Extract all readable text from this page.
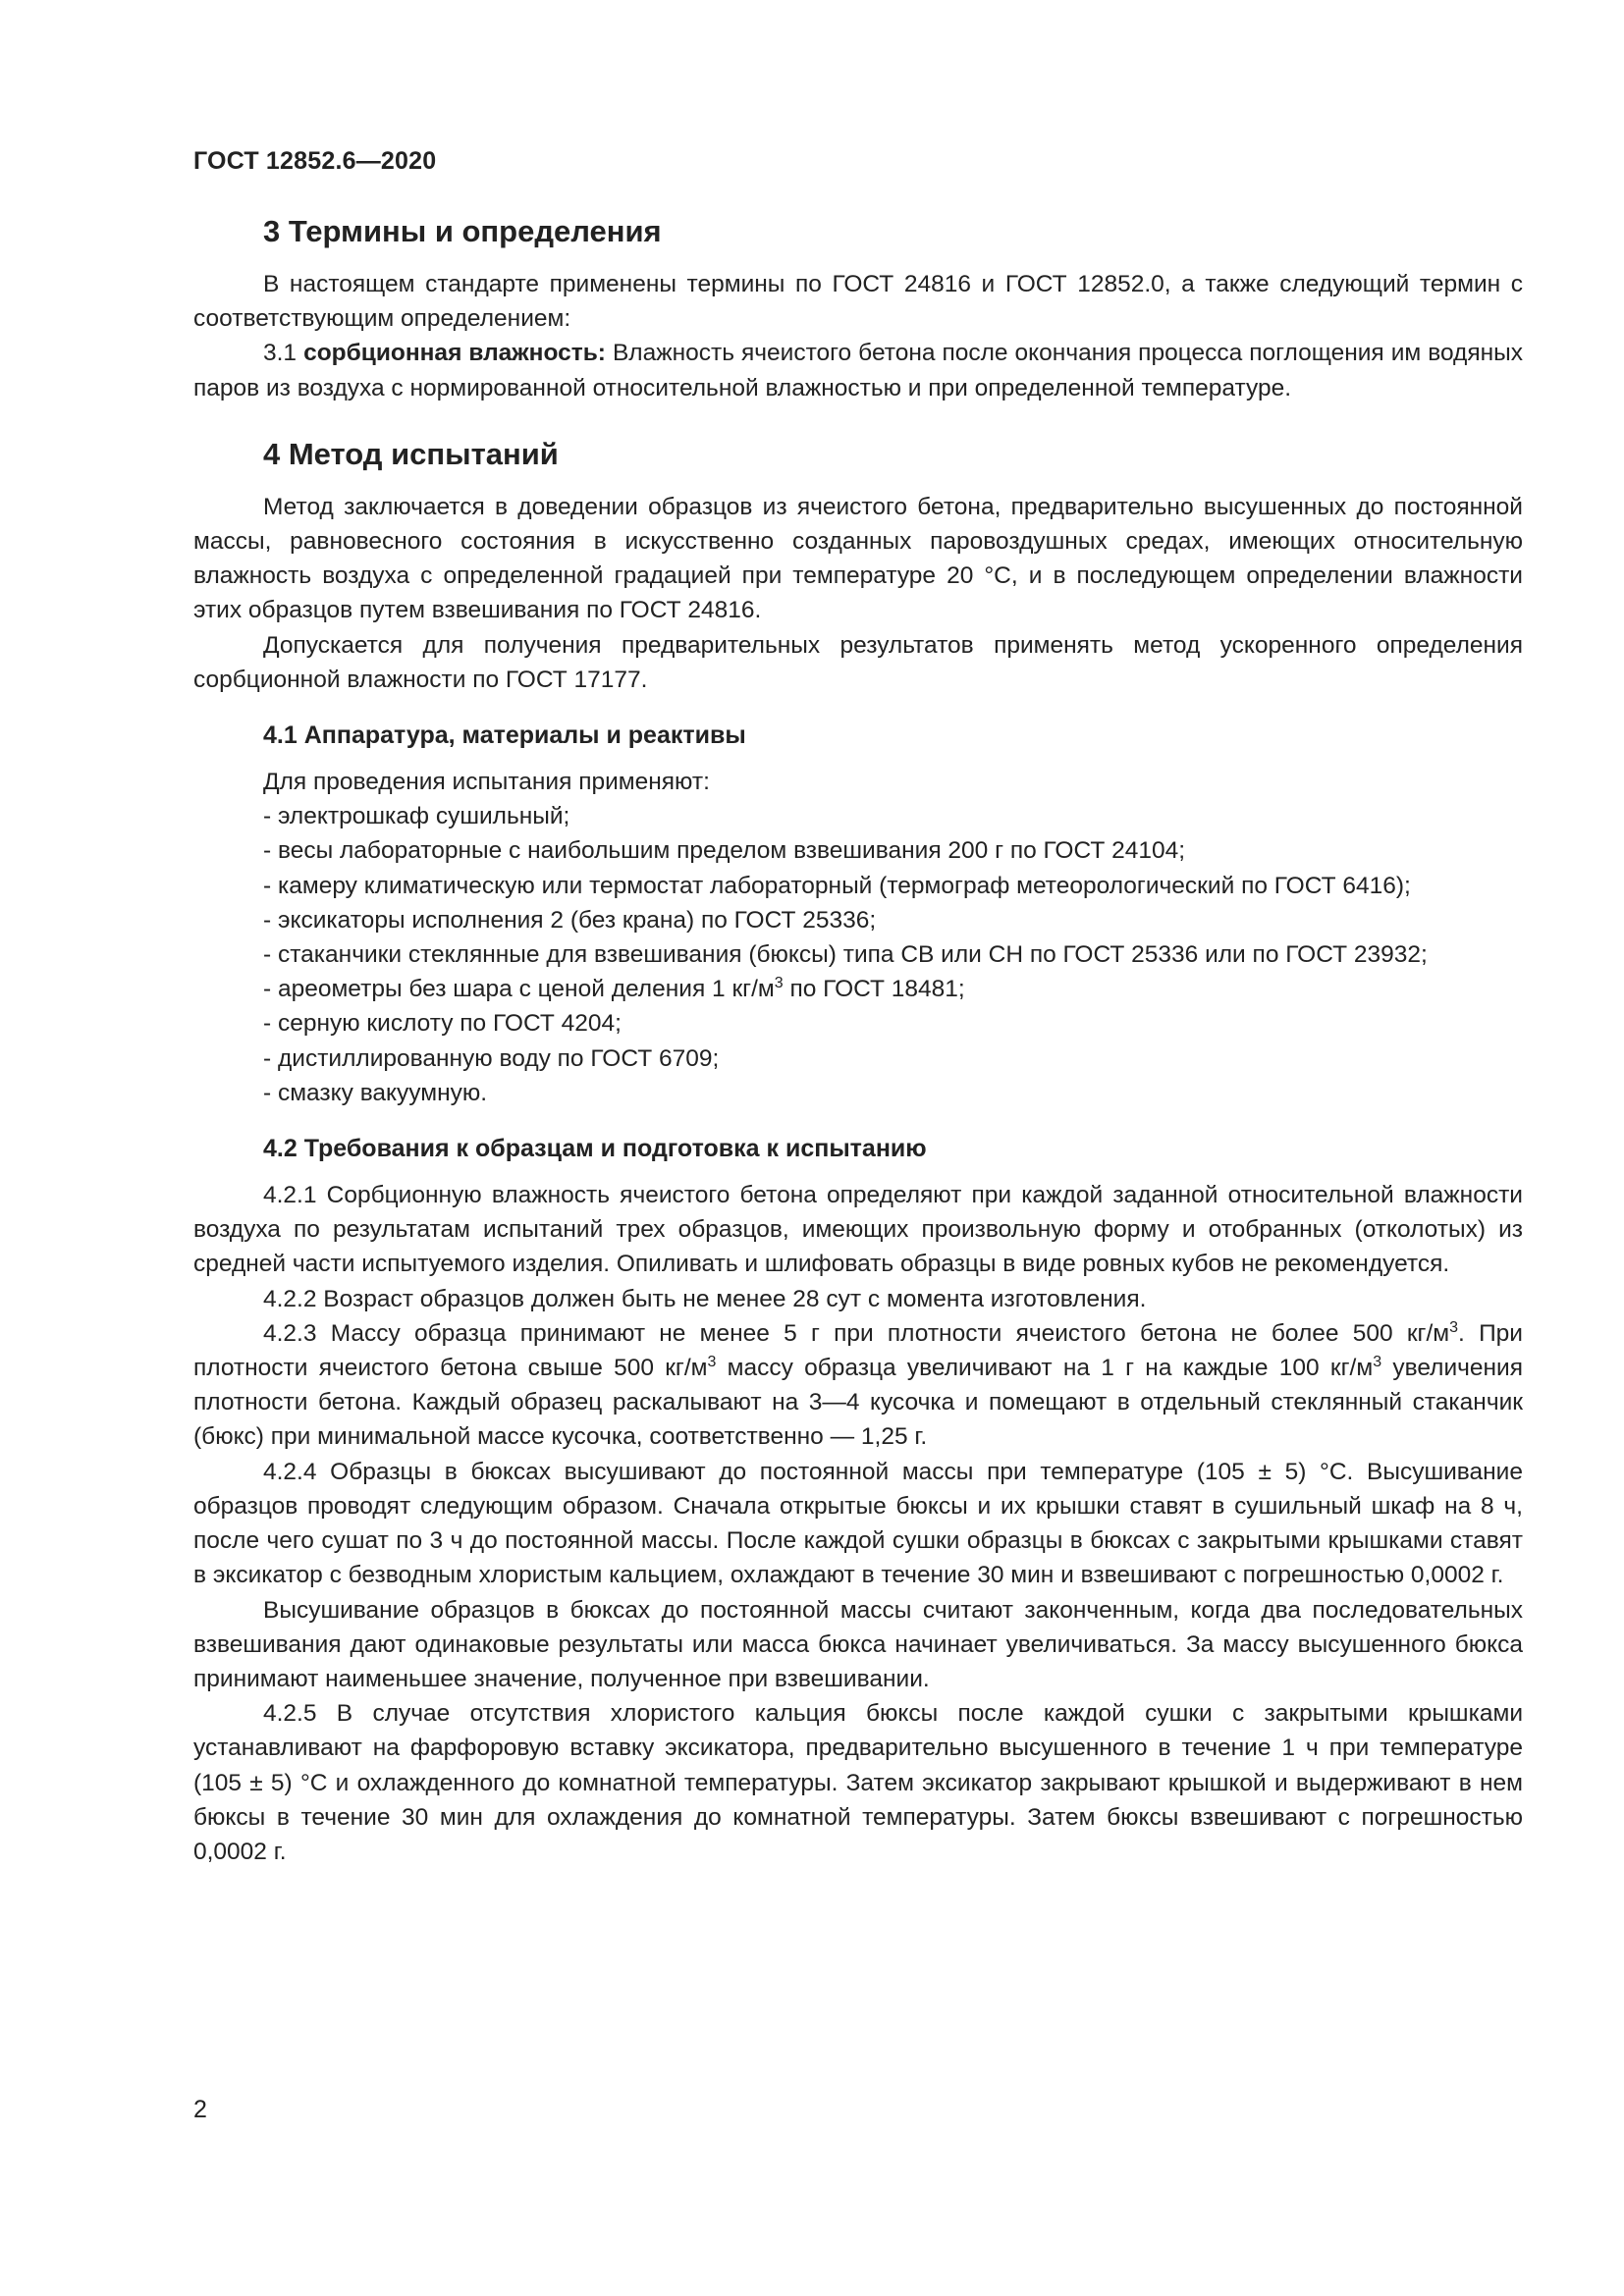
ГОСТ 12852.6—2020
3 Термины и определения

В настоящем стандарте применены термины по ГОСТ 24816 и ГОСТ 12852.0, а также следующий термин с соответствующим определением:

3.1 сорбционная влажность: Влажность ячеистого бетона после окончания процесса поглощения им водяных паров из воздуха с нормированной относительной влажностью и при определенной температуре.

4 Метод испытаний

Метод заключается в доведении образцов из ячеистого бетона, предварительно высушенных до постоянной массы, равновесного состояния в искусственно созданных паровоздушных средах, имеющих относительную влажность воздуха с определенной градацией при температуре 20 °С, и в последующем определении влажности этих образцов путем взвешивания по ГОСТ 24816.

Допускается для получения предварительных результатов применять метод ускоренного определения сорбционной влажности по ГОСТ 17177.

4.1 Аппаратура, материалы и реактивы

Для проведения испытания применяют:

- электрошкаф сушильный;

- весы лабораторные с наибольшим пределом взвешивания 200 г по ГОСТ 24104;

- камеру климатическую или термостат лабораторный (термограф метеорологический по ГОСТ 6416);

- эксикаторы исполнения 2 (без крана) по ГОСТ 25336;

- стаканчики стеклянные для взвешивания (бюксы) типа СВ или СН по ГОСТ 25336 или по ГОСТ 23932;

- ареометры без шара с ценой деления 1 $кг/м^3$ по ГОСТ 18481;

- серную кислоту по ГОСТ 4204;

- дистиллированную воду по ГОСТ 6709;

- смазку вакуумную.

4.2 Требования к образцам и подготовка к испытанию

4.2.1 Сорбционную влажность ячеистого бетона определяют при каждой заданной относительной влажности воздуха по результатам испытаний трех образцов, имеющих произвольную форму и отобранных (отколотых) из средней части испытуемого изделия. Опиливать и шлифовать образцы в виде ровных кубов не рекомендуется.

4.2.2 Возраст образцов должен быть не менее 28 сут с момента изготовления.

4.2.3 Массу образца принимают не менее 5 г при плотности ячеистого бетона не более 500 $кг/м^3$. При плотности ячеистого бетона свыше 500 $кг/м^3$ массу образца увеличивают на 1 г на каждые 100 $кг/м^3$ увеличения плотности бетона. Каждый образец раскалывают на 3—4 кусочка и помещают в отдельный стеклянный стаканчик (бюкс) при минимальной массе кусочка, соответственно — 1,25 г.

4.2.4 Образцы в бюксах высушивают до постоянной массы при температуре (105 ± 5) °С. Высушивание образцов проводят следующим образом. Сначала открытые бюксы и их крышки ставят в сушильный шкаф на 8 ч, после чего сушат по 3 ч до постоянной массы. После каждой сушки образцы в бюксах с закрытыми крышками ставят в эксикатор с безводным хлористым кальцием, охлаждают в течение 30 мин и взвешивают с погрешностью 0,0002 г.

Высушивание образцов в бюксах до постоянной массы считают законченным, когда два последовательных взвешивания дают одинаковые результаты или масса бюкса начинает увеличиваться. За массу высушенного бюкса принимают наименьшее значение, полученное при взвешивании.

4.2.5 В случае отсутствия хлористого кальция бюксы после каждой сушки с закрытыми крышками устанавливают на фарфоровую вставку эксикатора, предварительно высушенного в течение 1 ч при температуре (105 ± 5) °С и охлажденного до комнатной температуры. Затем эксикатор закрывают крышкой и выдерживают в нем бюксы в течение 30 мин для охлаждения до комнатной температуры. Затем бюксы взвешивают с погрешностью 0,0002 г.

2
